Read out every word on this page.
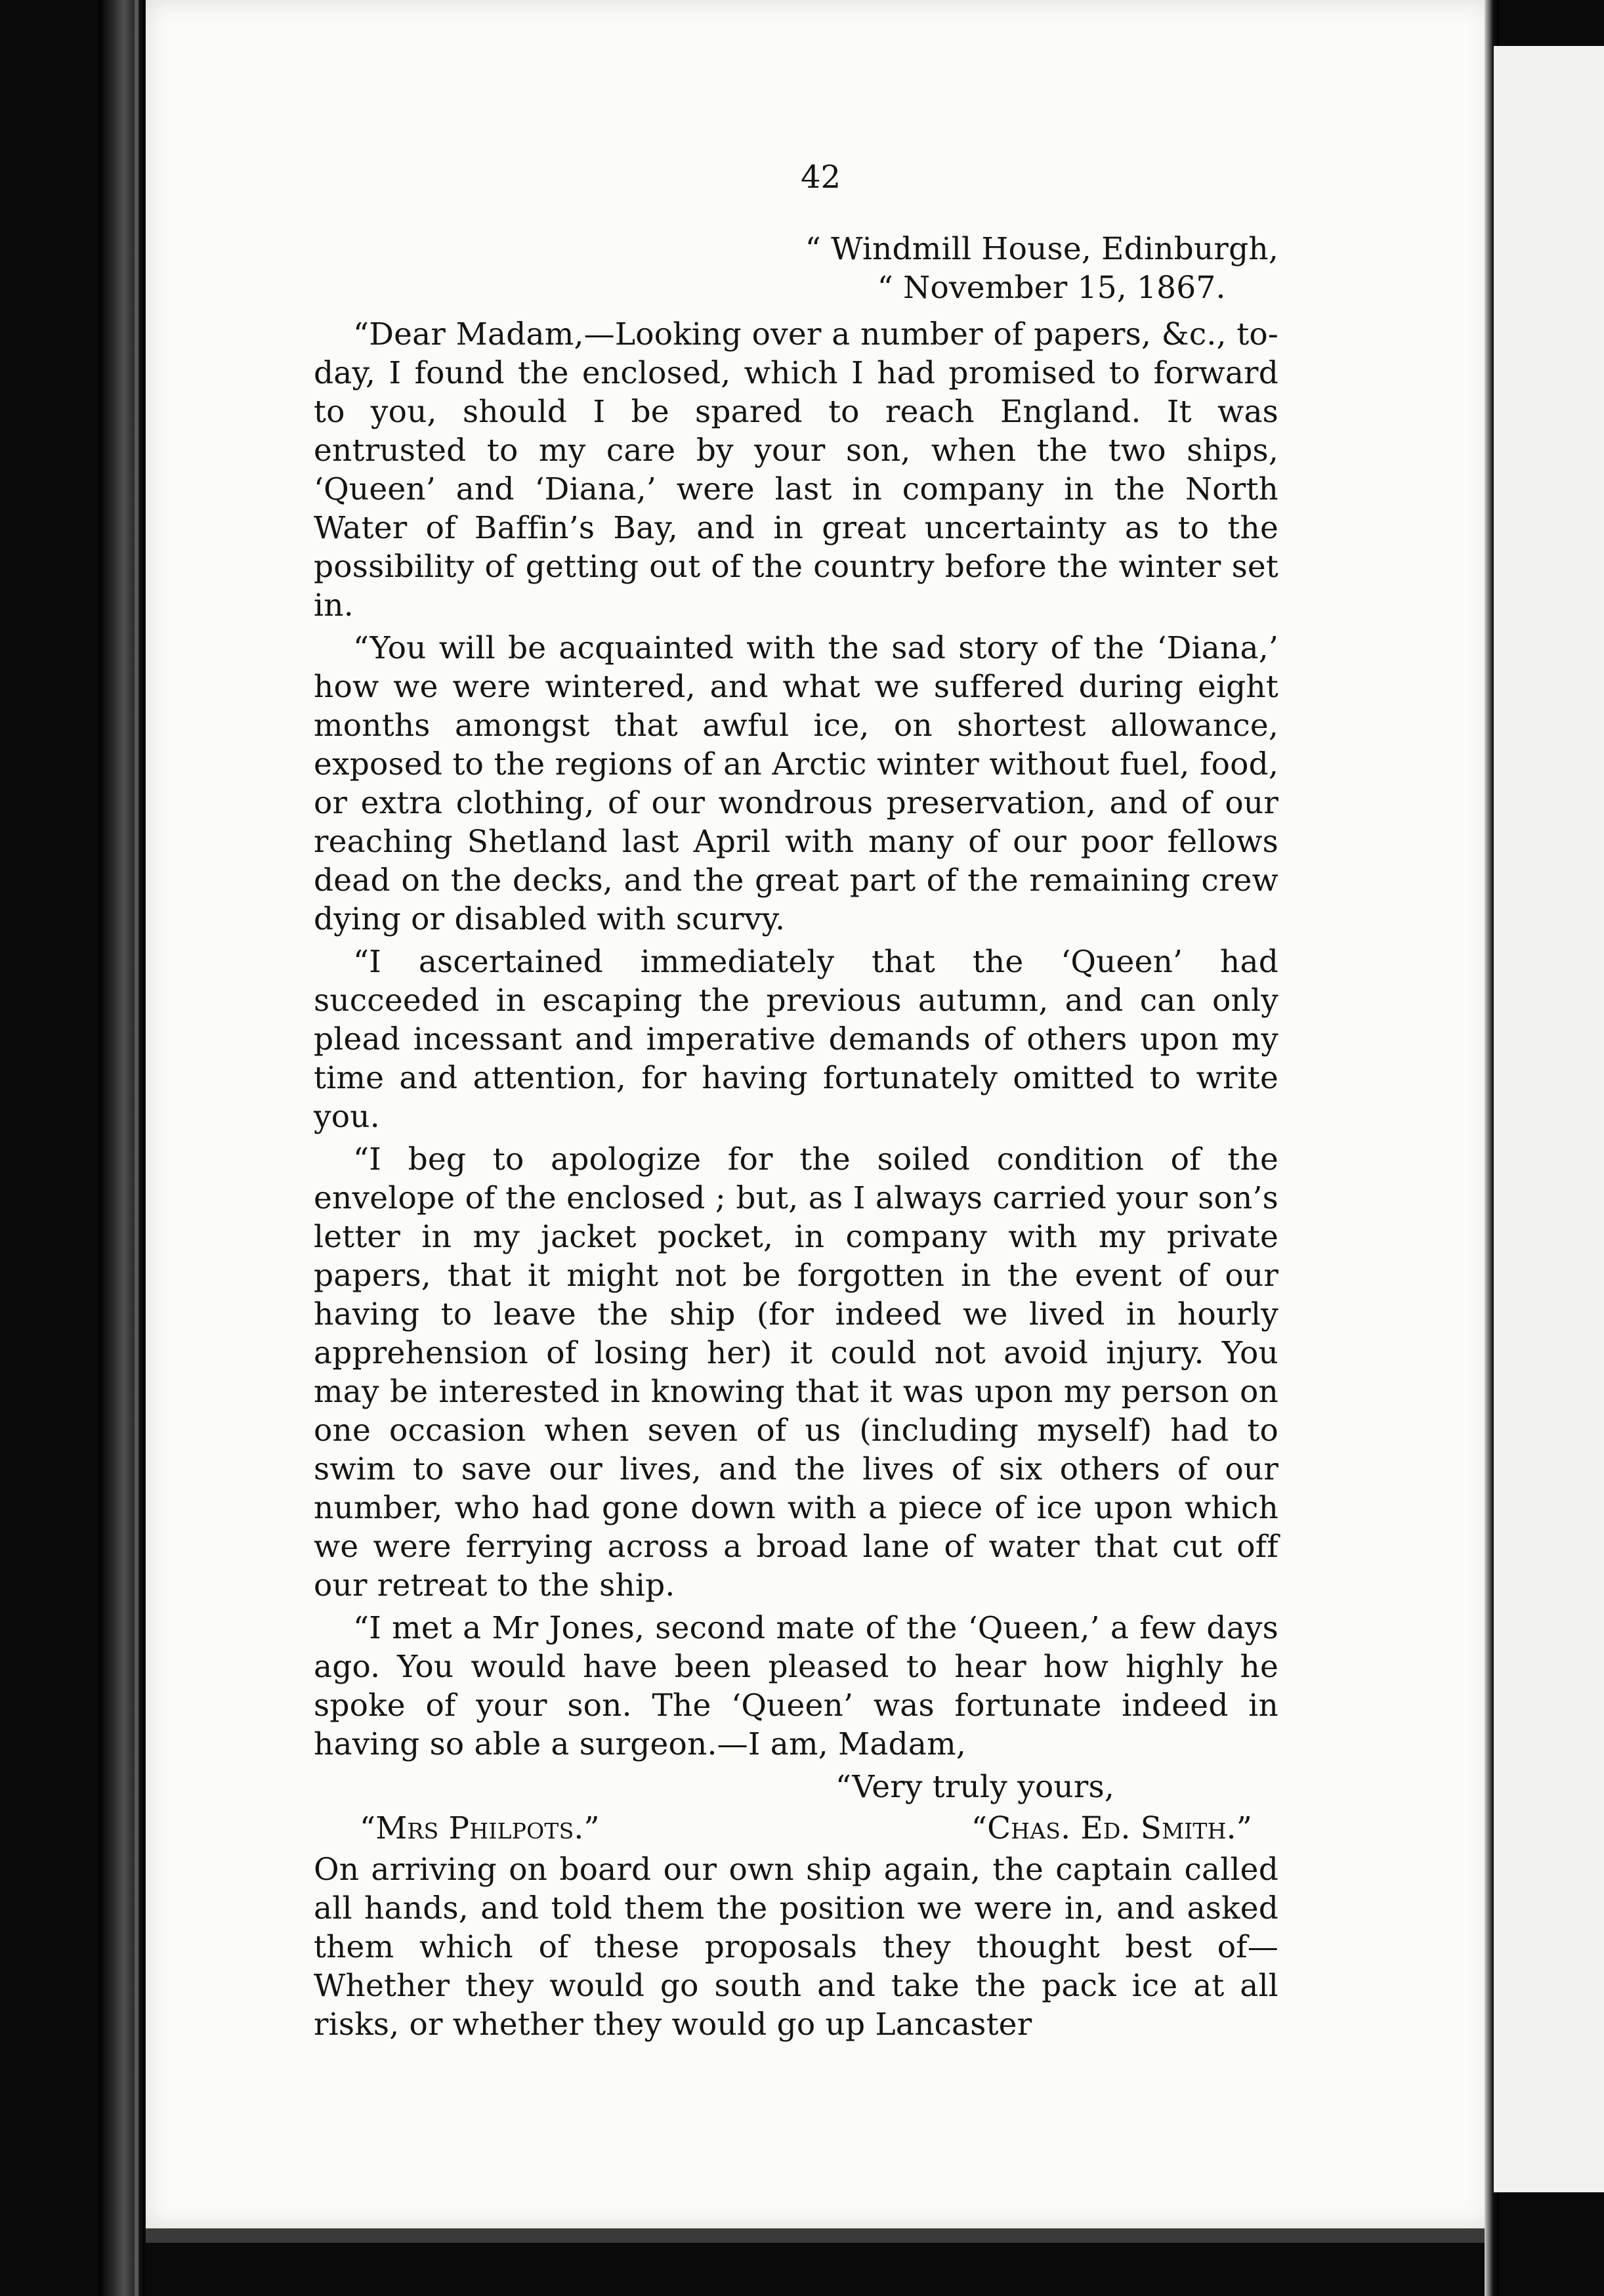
42
“ Windmill House, Edinburgh,
“ November 15, 1867.

“Dear Madam,—Looking over a number of papers, &c., to-day, I found the enclosed, which I had promised to forward to you, should I be spared to reach England. It was entrusted to my care by your son, when the two ships, ‘Queen’ and ‘Diana,’ were last in company in the North Water of Baffin’s Bay, and in great uncertainty as to the possibility of getting out of the country before the winter set in.

“You will be acquainted with the sad story of the ‘Diana,’ how we were wintered, and what we suffered during eight months amongst that awful ice, on shortest allowance, exposed to the regions of an Arctic winter without fuel, food, or extra clothing, of our wondrous preservation, and of our reaching Shetland last April with many of our poor fellows dead on the decks, and the great part of the remaining crew dying or disabled with scurvy.

“I ascertained immediately that the ‘Queen’ had succeeded in escaping the previous autumn, and can only plead incessant and imperative demands of others upon my time and attention, for having fortunately omitted to write you.

“I beg to apologize for the soiled condition of the envelope of the enclosed ; but, as I always carried your son’s letter in my jacket pocket, in company with my private papers, that it might not be forgotten in the event of our having to leave the ship (for indeed we lived in hourly apprehension of losing her) it could not avoid injury. You may be interested in knowing that it was upon my person on one occasion when seven of us (including myself) had to swim to save our lives, and the lives of six others of our number, who had gone down with a piece of ice upon which we were ferrying across a broad lane of water that cut off our retreat to the ship.

“I met a Mr Jones, second mate of the ‘Queen,’ a few days ago. You would have been pleased to hear how highly he spoke of your son. The ‘Queen’ was fortunate indeed in having so able a surgeon.—I am, Madam,

“Very truly yours,

“Mrs Philpots.”	“Chas. Ed. Smith.”

On arriving on board our own ship again, the captain called all hands, and told them the position we were in, and asked them which of these proposals they thought best of—Whether they would go south and take the pack ice at all risks, or whether they would go up Lancaster
